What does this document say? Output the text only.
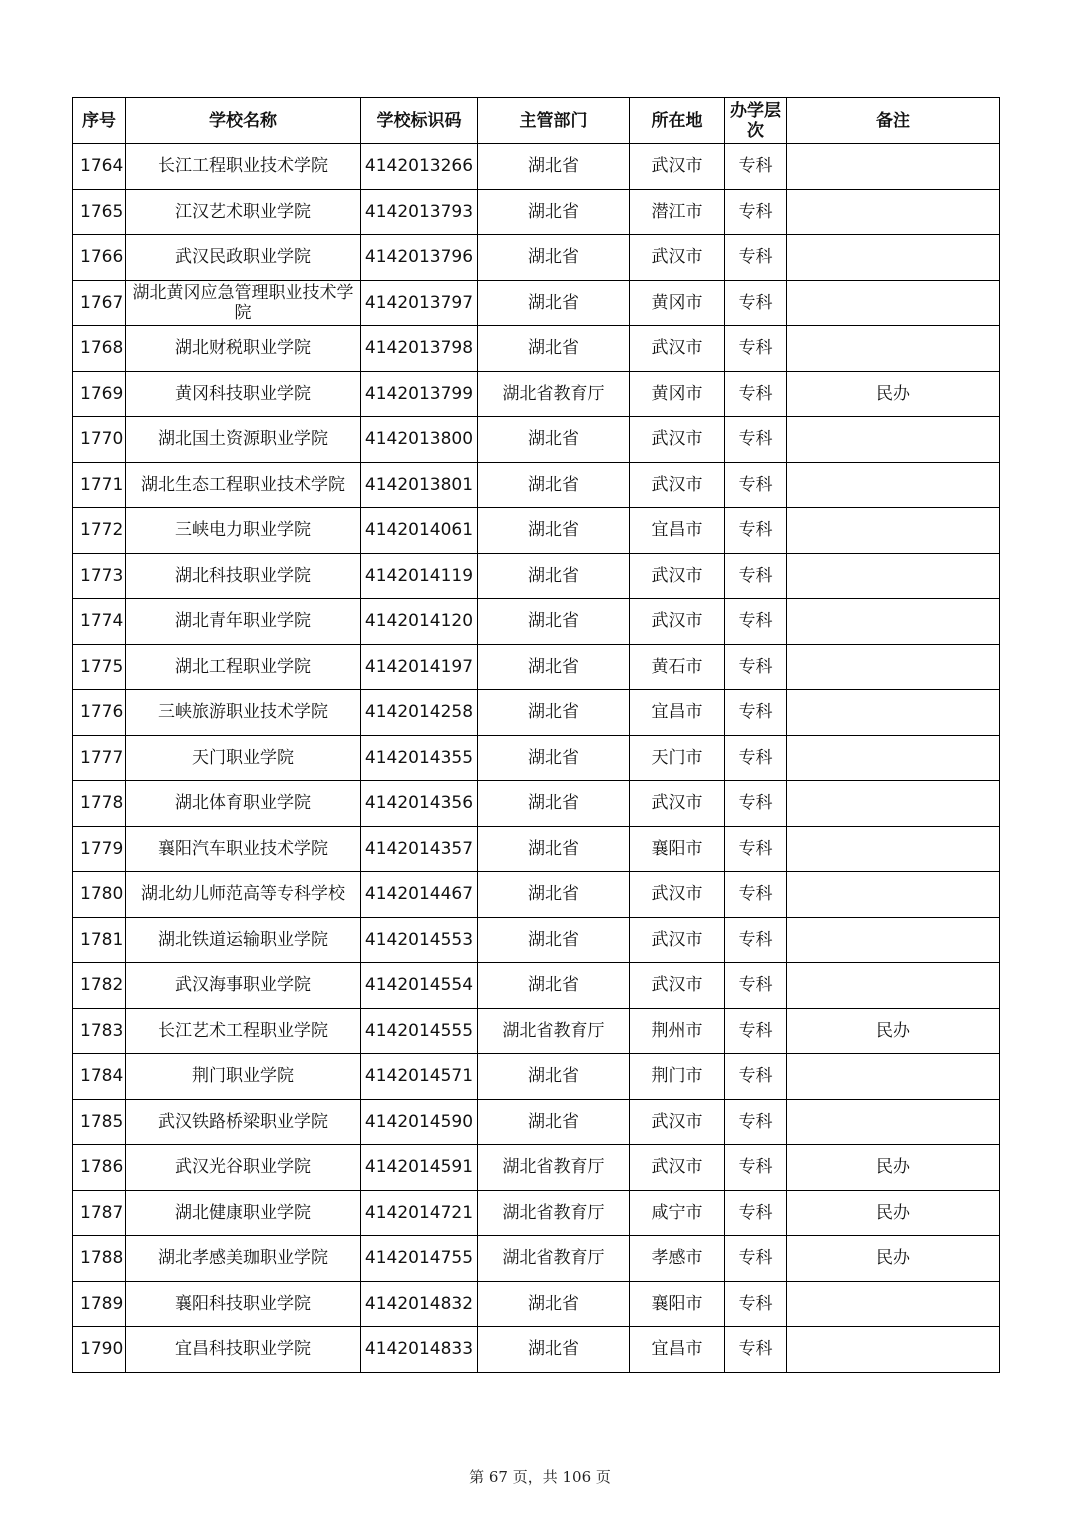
序号	学校名称	学校标识码	主管部门	所在地	办学层次	备注
1764	长江工程职业技术学院	4142013266	湖北省	武汉市	专科	
1765	江汉艺术职业学院	4142013793	湖北省	潜江市	专科	
1766	武汉民政职业学院	4142013796	湖北省	武汉市	专科	
1767	湖北黄冈应急管理职业技术学院	4142013797	湖北省	黄冈市	专科	
1768	湖北财税职业学院	4142013798	湖北省	武汉市	专科	
1769	黄冈科技职业学院	4142013799	湖北省教育厅	黄冈市	专科	民办
1770	湖北国土资源职业学院	4142013800	湖北省	武汉市	专科	
1771	湖北生态工程职业技术学院	4142013801	湖北省	武汉市	专科	
1772	三峡电力职业学院	4142014061	湖北省	宜昌市	专科	
1773	湖北科技职业学院	4142014119	湖北省	武汉市	专科	
1774	湖北青年职业学院	4142014120	湖北省	武汉市	专科	
1775	湖北工程职业学院	4142014197	湖北省	黄石市	专科	
1776	三峡旅游职业技术学院	4142014258	湖北省	宜昌市	专科	
1777	天门职业学院	4142014355	湖北省	天门市	专科	
1778	湖北体育职业学院	4142014356	湖北省	武汉市	专科	
1779	襄阳汽车职业技术学院	4142014357	湖北省	襄阳市	专科	
1780	湖北幼儿师范高等专科学校	4142014467	湖北省	武汉市	专科	
1781	湖北铁道运输职业学院	4142014553	湖北省	武汉市	专科	
1782	武汉海事职业学院	4142014554	湖北省	武汉市	专科	
1783	长江艺术工程职业学院	4142014555	湖北省教育厅	荆州市	专科	民办
1784	荆门职业学院	4142014571	湖北省	荆门市	专科	
1785	武汉铁路桥梁职业学院	4142014590	湖北省	武汉市	专科	
1786	武汉光谷职业学院	4142014591	湖北省教育厅	武汉市	专科	民办
1787	湖北健康职业学院	4142014721	湖北省教育厅	咸宁市	专科	民办
1788	湖北孝感美珈职业学院	4142014755	湖北省教育厅	孝感市	专科	民办
1789	襄阳科技职业学院	4142014832	湖北省	襄阳市	专科	
1790	宜昌科技职业学院	4142014833	湖北省	宜昌市	专科	
第 67 页，共 106 页
